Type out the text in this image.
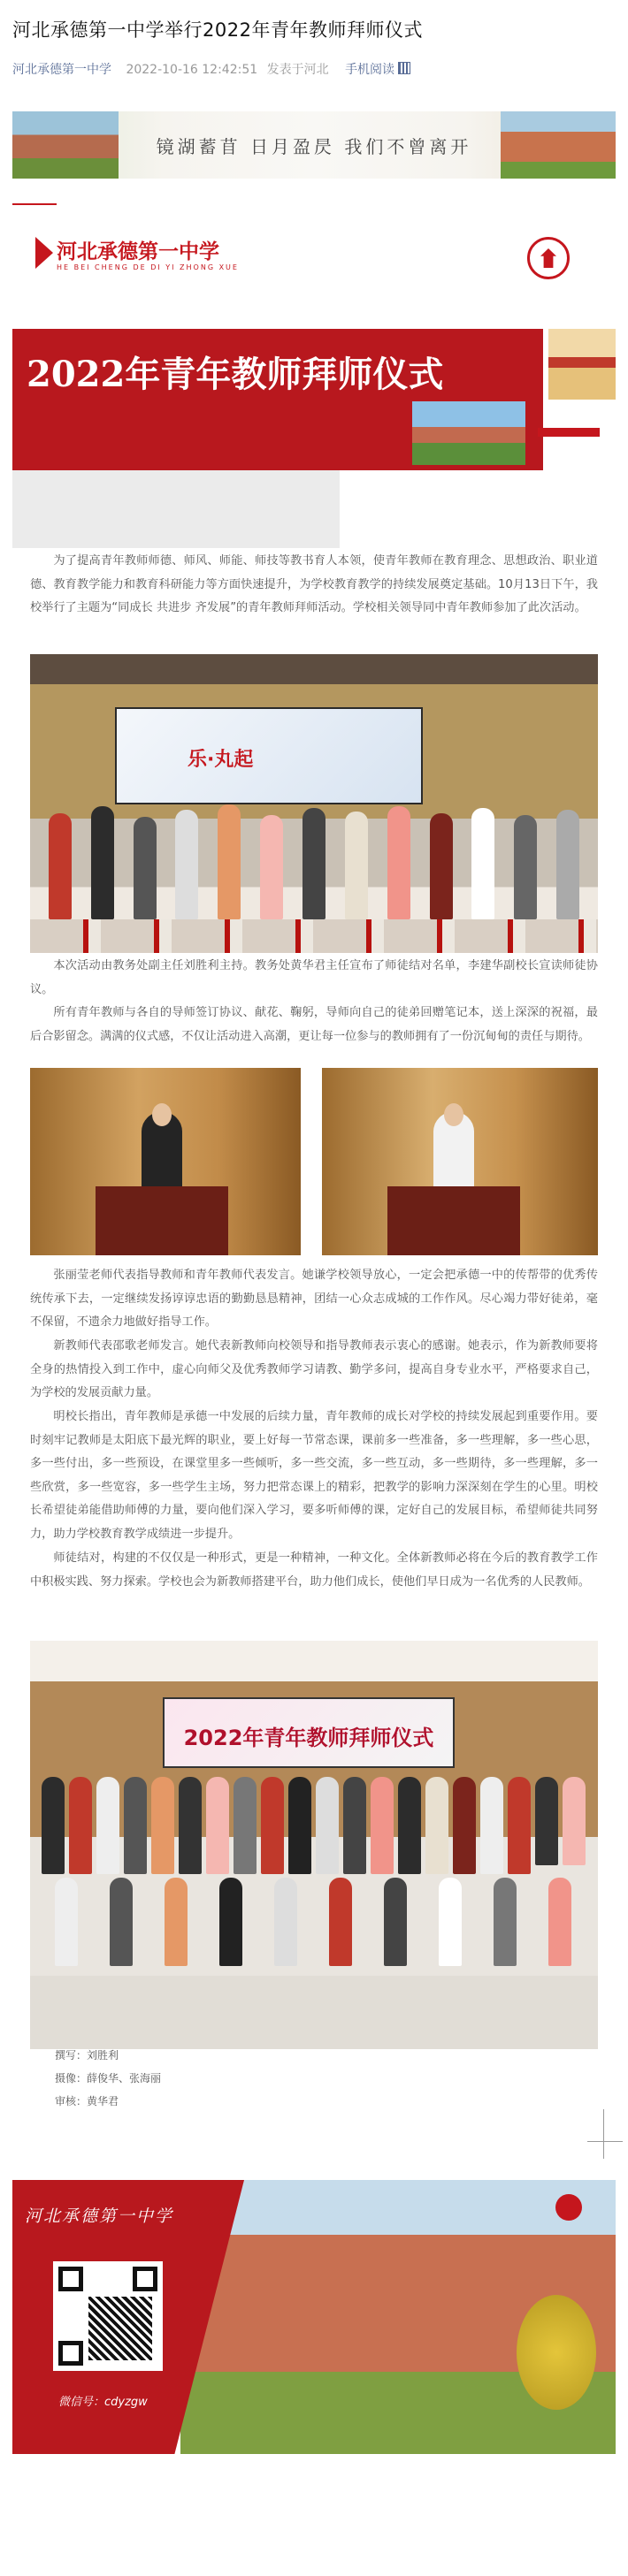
河北承德第一中学举行2022年青年教师拜师仪式
河北承德第一中学 2022-10-16 12:42:51 发表于河北 手机阅读
镜湖蓄苜 日月盈昃 我们不曾离开
河北承德第一中学
HE BEI CHENG DE DI YI ZHONG XUE
2022年青年教师拜师仪式

为了提高青年教师师德、师风、师能、师技等教书育人本领，使青年教师在教育理念、思想政治、职业道德、教育教学能力和教育科研能力等方面快速提升，为学校教育教学的持续发展奠定基础。10月13日下午，我校举行了主题为“同成长 共进步 齐发展”的青年教师拜师活动。学校相关领导同中青年教师参加了此次活动。

乐·丸起

本次活动由教务处副主任刘胜利主持。教务处黄华君主任宣布了师徒结对名单，李建华副校长宣读师徒协议。

所有青年教师与各自的导师签订协议、献花、鞠躬，导师向自己的徒弟回赠笔记本，送上深深的祝福，最后合影留念。满满的仪式感，不仅让活动进入高潮，更让每一位参与的教师拥有了一份沉甸甸的责任与期待。

张丽莹老师代表指导教师和青年教师代表发言。她谦学校领导放心，一定会把承德一中的传帮带的优秀传统传承下去，一定继续发扬谆谆忠语的勤勤恳恳精神，团结一心众志成城的工作作风。尽心竭力带好徒弟，毫不保留，不遗余力地做好指导工作。

新教师代表邵歌老师发言。她代表新教师向校领导和指导教师表示衷心的感谢。她表示，作为新教师要将全身的热情投入到工作中，虚心向师父及优秀教师学习请教、勤学多问，提高自身专业水平，严格要求自己，为学校的发展贡献力量。

明校长指出，青年教师是承德一中发展的后续力量，青年教师的成长对学校的持续发展起到重要作用。要时刻牢记教师是太阳底下最光辉的职业，要上好每一节常态课，课前多一些准备，多一些理解，多一些心思，多一些付出，多一些预设，在课堂里多一些倾听，多一些交流，多一些互动，多一些期待，多一些理解，多一些欣赏，多一些宽容，多一些学生主场，努力把常态课上的精彩，把教学的影响力深深刻在学生的心里。明校长希望徒弟能借助师傅的力量，要向他们深入学习，要多听师傅的课，定好自己的发展目标，希望师徒共同努力，助力学校教育教学成绩进一步提升。

师徒结对，构建的不仅仅是一种形式，更是一种精神，一种文化。全体新教师必将在今后的教育教学工作中积极实践、努力探索。学校也会为新教师搭建平台，助力他们成长，使他们早日成为一名优秀的人民教师。

2022年青年教师拜师仪式
撰写：刘胜利
摄像：薛俊华、张海丽
审核：黄华君
河北承德第一中学
微信号：cdyzgw
